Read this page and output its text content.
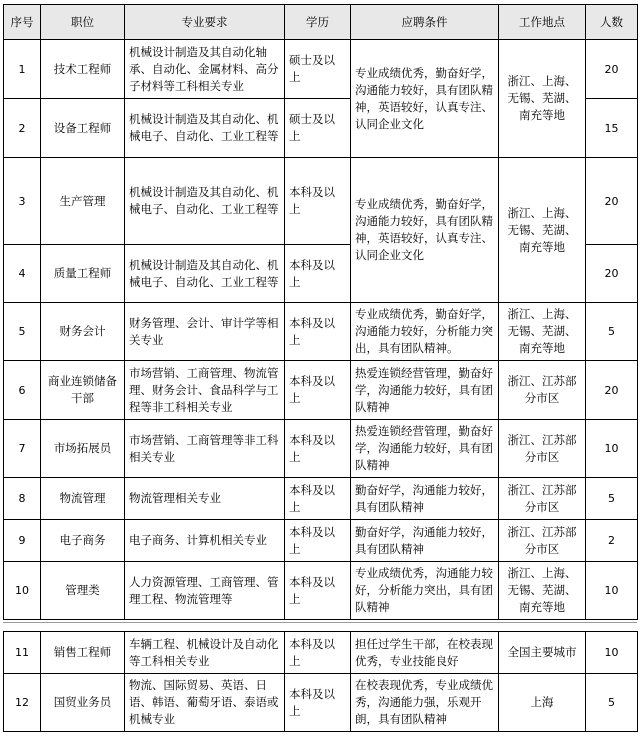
序号	职位	专业要求	学历	应聘条件	工作地点	人数
1	技术工程师	机械设计制造及其自动化轴承、自动化、金属材料、高分子材料等工科相关专业	硕士及以上	专业成绩优秀，勤奋好学，沟通能力较好，具有团队精神，英语较好，认真专注、认同企业文化	浙江、上海、无锡、芜湖、南充等地	20
2	设备工程师	机械设计制造及其自动化、机械电子、自动化、工业工程等	硕士及以上			15
3	生产管理	机械设计制造及其自动化、机械电子、自动化、工业工程等	本科及以上	专业成绩优秀，勤奋好学，沟通能力较好，具有团队精神，英语较好，认真专注、认同企业文化	浙江、上海、无锡、芜湖、南充等地	20
4	质量工程师	机械设计制造及其自动化、机械电子、自动化、工业工程等	本科及以上			20
5	财务会计	财务管理、会计、审计学等相关专业	本科及以上	专业成绩优秀，勤奋好学，沟通能力较好，分析能力突出，具有团队精神。	浙江、上海、无锡、芜湖、南充等地	5
6	商业连锁储备干部	市场营销、工商管理、物流管理、财务会计、食品科学与工程等非工科相关专业	本科及以上	热爱连锁经营管理，勤奋好学，沟通能力较好，具有团队精神	浙江、江苏部分市区	20
7	市场拓展员	市场营销、工商管理等非工科相关专业	本科及以上	热爱连锁经营管理，勤奋好学，沟通能力较好，具有团队精神	浙江、江苏部分市区	10
8	物流管理	物流管理相关专业	本科及以上	勤奋好学，沟通能力较好，具有团队精神	浙江、江苏部分市区	5
9	电子商务	电子商务、计算机相关专业	本科及以上	勤奋好学，沟通能力较好，具有团队精神	浙江、江苏部分市区	2
10	管理类	人力资源管理、工商管理、管理工程、物流管理等	本科及以上	专业成绩优秀，沟通能力较好，分析能力突出，具有团队精神	浙江、上海、无锡、芜湖、南充等地	10
11	销售工程师	车辆工程、机械设计及自动化等工科相关专业	本科及以上	担任过学生干部，在校表现优秀，专业技能良好	全国主要城市	10
12	国贸业务员	物流、国际贸易、英语、日语、韩语、葡萄牙语、泰语或机械专业	本科及以上	在校表现优秀，专业成绩优秀，沟通能力强，乐观开朗，具有团队精神	上海	5
